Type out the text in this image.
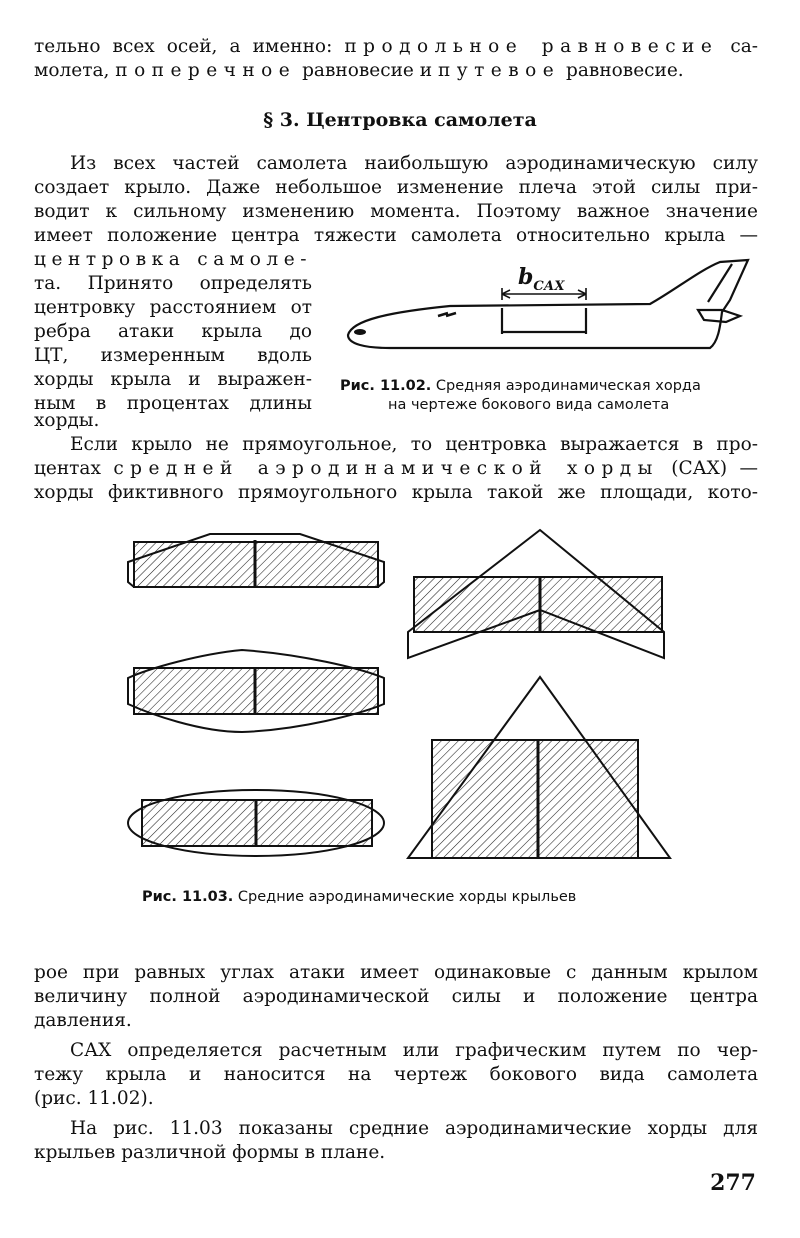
тельно всех осей, а именно: продольное равновесие са-
молета, поперечное равновесие и путевое равновесие.
§ 3. Центровка самолета
Из всех частей самолета наибольшую аэродинамическую силу
создает крыло. Даже небольшое изменение плеча этой силы при-
водит к сильному изменению момента. Поэтому важное значение
имеет положение центра тяжести самолета относительно крыла —
центровка самоле-
та. Принято определять
центровку расстоянием от
ребра атаки крыла до
ЦТ, измеренным вдоль
хорды крыла и выражен-
ным в процентах длины
хорды.
$b_{САХ}$
Рис. 11.02. Средняя аэродинамическая хорда
на чертеже бокового вида самолета
Если крыло не прямоугольное, то центровка выражается в про-
центах средней аэродинамической хорды (САХ) —
хорды фиктивного прямоугольного крыла такой же площади, кото-
Рис. 11.03. Средние аэродинамические хорды крыльев
рое при равных углах атаки имеет одинаковые с данным крылом
величину полной аэродинамической силы и положение центра
давления.
САХ определяется расчетным или графическим путем по чер-
тежу крыла и наносится на чертеж бокового вида самолета
(рис. 11.02).
На рис. 11.03 показаны средние аэродинамические хорды для
крыльев различной формы в плане.
277
